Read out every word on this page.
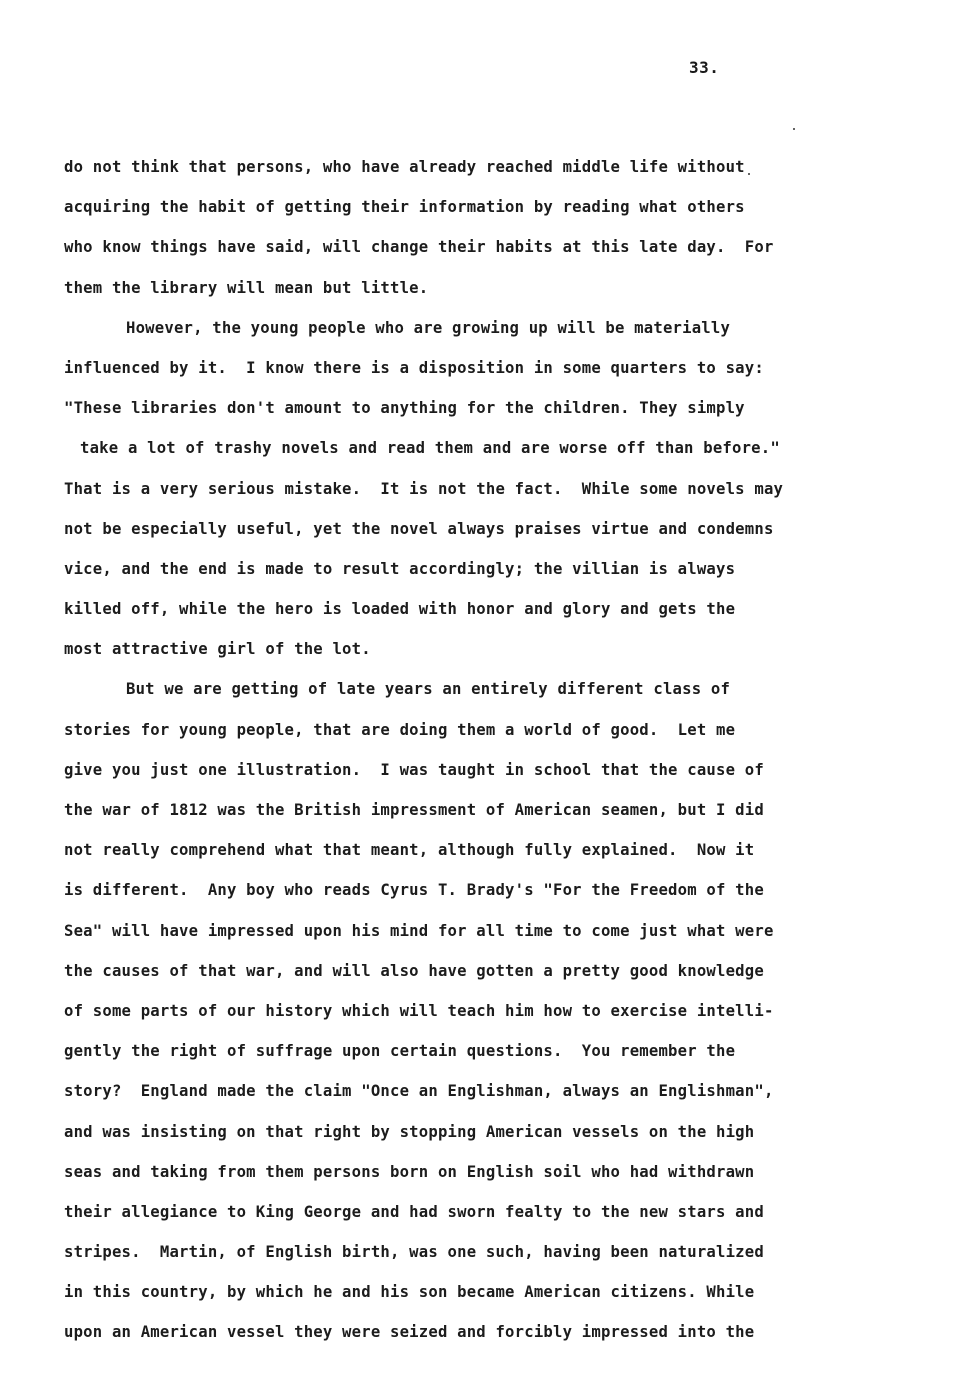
33.
do not think that persons, who have already reached middle life without
acquiring the habit of getting their information by reading what others
who know things have said, will change their habits at this late day.  For
them the library will mean but little.
However, the young people who are growing up will be materially
influenced by it.  I know there is a disposition in some quarters to say:
"These libraries don't amount to anything for the children. They simply
take a lot of trashy novels and read them and are worse off than before."
That is a very serious mistake.  It is not the fact.  While some novels may
not be especially useful, yet the novel always praises virtue and condemns
vice, and the end is made to result accordingly; the villian is always
killed off, while the hero is loaded with honor and glory and gets the
most attractive girl of the lot.
But we are getting of late years an entirely different class of
stories for young people, that are doing them a world of good.  Let me
give you just one illustration.  I was taught in school that the cause of
the war of 1812 was the British impressment of American seamen, but I did
not really comprehend what that meant, although fully explained.  Now it
is different.  Any boy who reads Cyrus T. Brady's "For the Freedom of the
Sea" will have impressed upon his mind for all time to come just what were
the causes of that war, and will also have gotten a pretty good knowledge
of some parts of our history which will teach him how to exercise intelli-
gently the right of suffrage upon certain questions.  You remember the
story?  England made the claim "Once an Englishman, always an Englishman",
and was insisting on that right by stopping American vessels on the high
seas and taking from them persons born on English soil who had withdrawn
their allegiance to King George and had sworn fealty to the new stars and
stripes.  Martin, of English birth, was one such, having been naturalized
in this country, by which he and his son became American citizens. While
upon an American vessel they were seized and forcibly impressed into the
